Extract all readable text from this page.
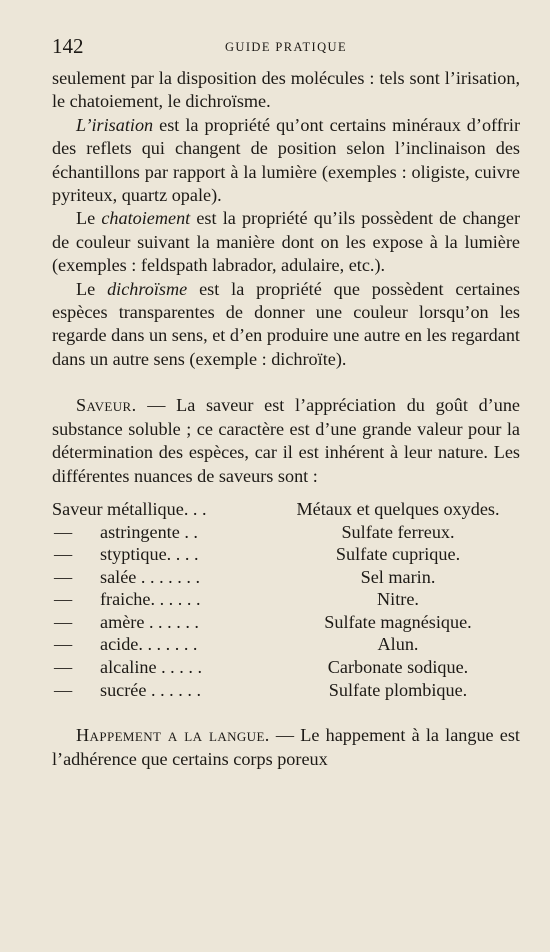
142	GUIDE PRATIQUE

seulement par la disposition des molécules : tels sont l’irisation, le chatoiement, le dichroïsme.

L’irisation est la propriété qu’ont certains minéraux d’offrir des reflets qui changent de position selon l’inclinaison des échantillons par rapport à la lumière (exemples : oligiste, cuivre pyriteux, quartz opale).

Le chatoiement est la propriété qu’ils possèdent de changer de couleur suivant la manière dont on les expose à la lumière (exemples : feldspath labrador, adulaire, etc.).

Le dichroïsme est la propriété que possèdent certaines espèces transparentes de donner une couleur lorsqu’on les regarde dans un sens, et d’en produire une autre en les regardant dans un autre sens (exemple : dichroïte).

Saveur. — La saveur est l’appréciation du goût d’une substance soluble ; ce caractère est d’une grande valeur pour la détermination des espèces, car il est inhérent à leur nature. Les différentes nuances de saveurs sont :

Saveur métallique. . .	Métaux et quelques oxydes.
— astringente . .	Sulfate ferreux.
— styptique. . . .	Sulfate cuprique.
— salée . . . . . . .	Sel marin.
— fraiche. . . . . .	Nitre.
— amère . . . . . .	Sulfate magnésique.
— acide. . . . . . .	Alun.
— alcaline . . . . .	Carbonate sodique.
— sucrée . . . . . .	Sulfate plombique.

Happement a la langue. — Le happement à la langue est l’adhérence que certains corps poreux
